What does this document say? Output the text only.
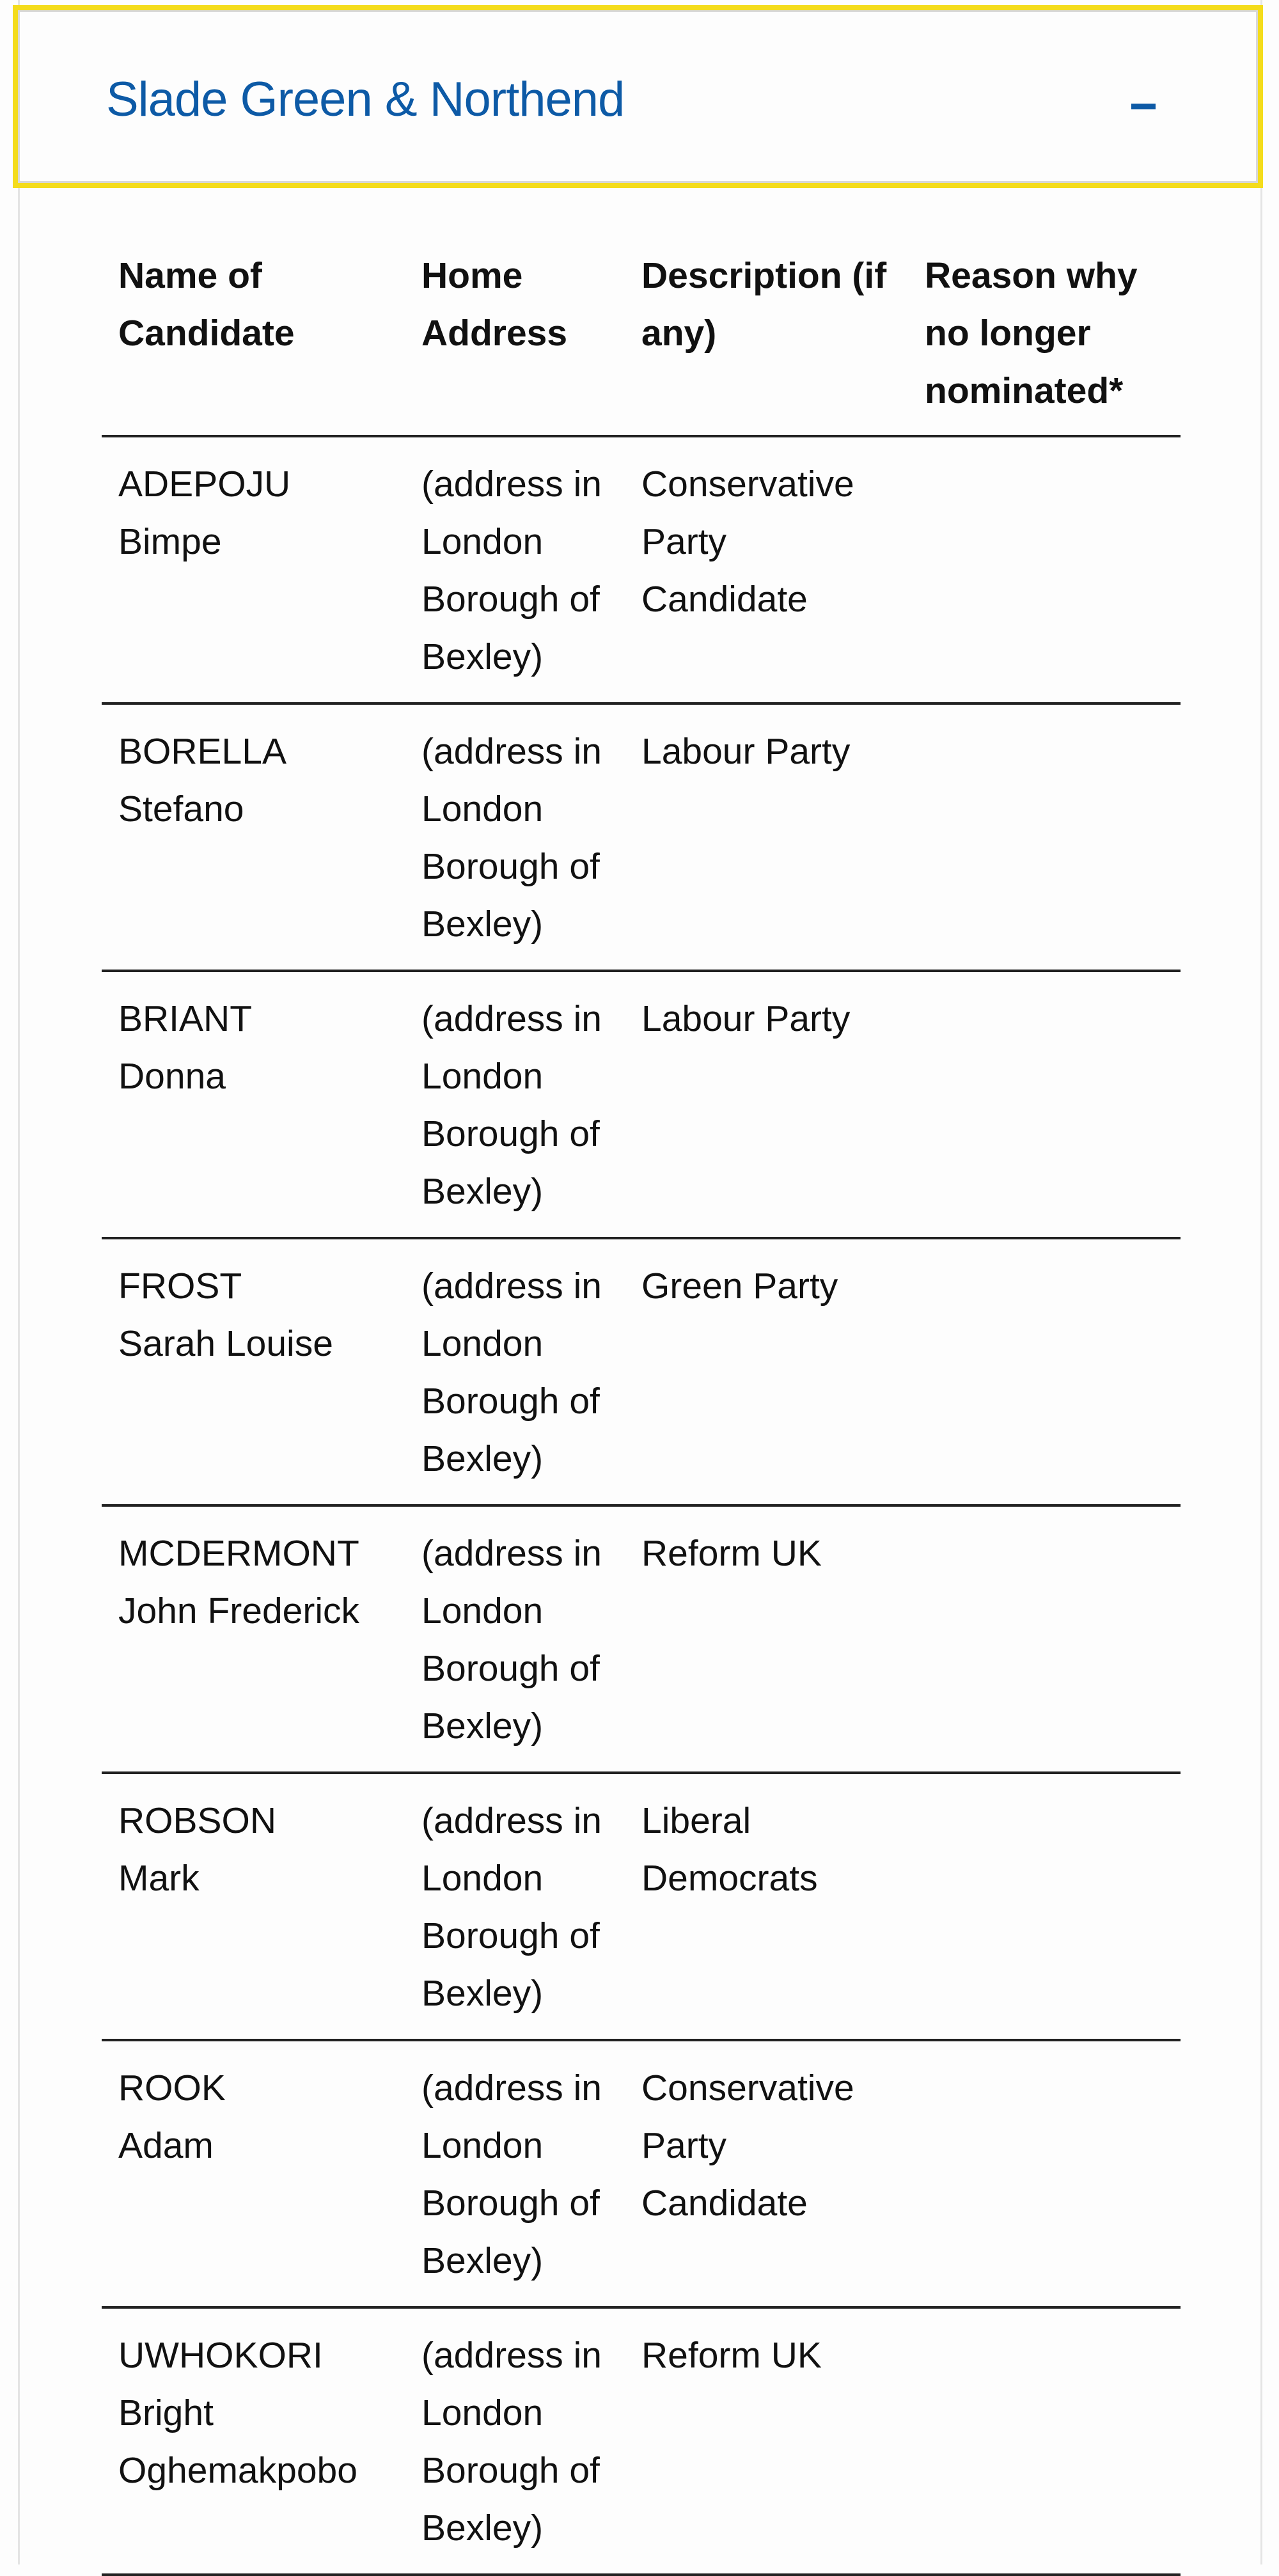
Slade Green & Northend
Name of Candidate	Home Address	Description (if any)	Reason why no longer nominated*

ADEPOJU
Bimpe	(address in London Borough of Bexley)	Conservative Party Candidate	

BORELLA
Stefano	(address in London Borough of Bexley)	Labour Party	

BRIANT
Donna	(address in London Borough of Bexley)	Labour Party	

FROST
Sarah Louise	(address in London Borough of Bexley)	Green Party	

MCDERMONT
John Frederick	(address in London Borough of Bexley)	Reform UK	

ROBSON
Mark	(address in London Borough of Bexley)	Liberal Democrats	

ROOK
Adam	(address in London Borough of Bexley)	Conservative Party Candidate	

UWHOKORI
Bright Oghemakpobo	(address in London Borough of Bexley)	Reform UK	
